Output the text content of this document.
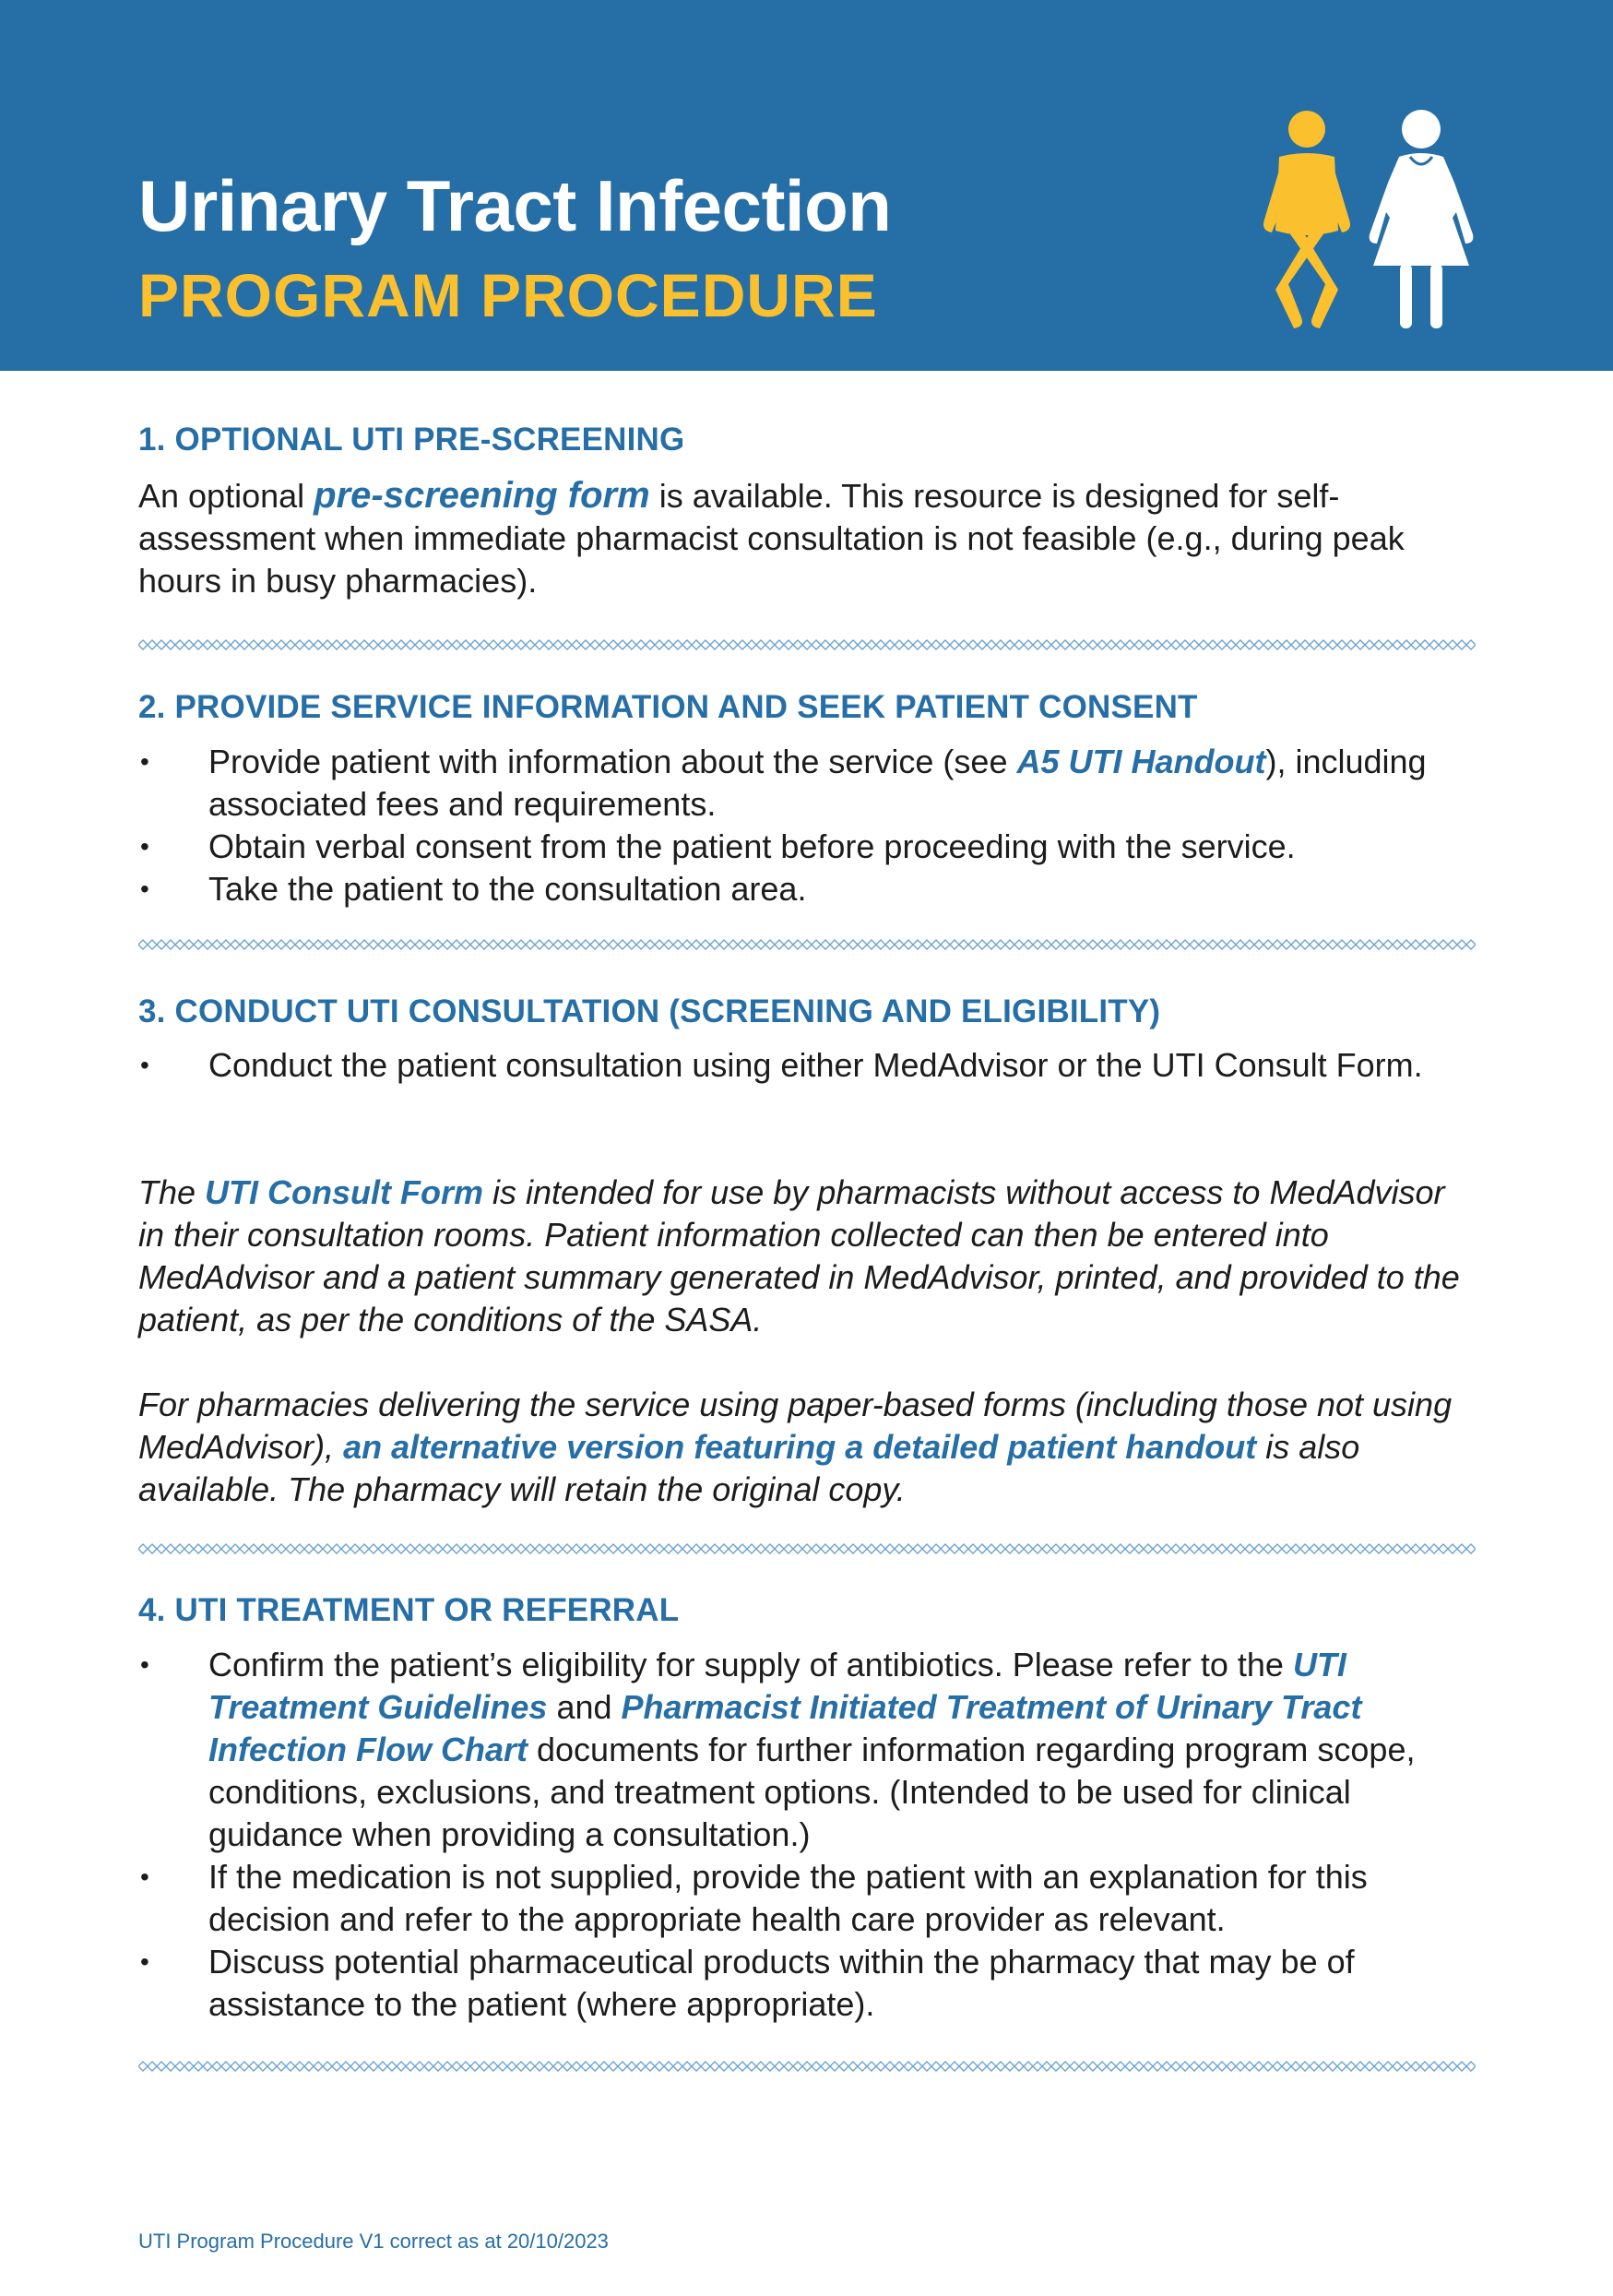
Urinary Tract Infection
PROGRAM PROCEDURE
1. OPTIONAL UTI PRE-SCREENING
An optional pre-screening form is available. This resource is designed for self-assessment when immediate pharmacist consultation is not feasible (e.g., during peak hours in busy pharmacies).
2. PROVIDE SERVICE INFORMATION AND SEEK PATIENT CONSENT
• Provide patient with information about the service (see A5 UTI Handout), including associated fees and requirements.
• Obtain verbal consent from the patient before proceeding with the service.
• Take the patient to the consultation area.
3. CONDUCT UTI CONSULTATION (SCREENING AND ELIGIBILITY)
• Conduct the patient consultation using either MedAdvisor or the UTI Consult Form.
The UTI Consult Form is intended for use by pharmacists without access to MedAdvisor in their consultation rooms. Patient information collected can then be entered into MedAdvisor and a patient summary generated in MedAdvisor, printed, and provided to the patient, as per the conditions of the SASA.
For pharmacies delivering the service using paper-based forms (including those not using MedAdvisor), an alternative version featuring a detailed patient handout is also available. The pharmacy will retain the original copy.
4. UTI TREATMENT OR REFERRAL
• Confirm the patient’s eligibility for supply of antibiotics. Please refer to the UTI Treatment Guidelines and Pharmacist Initiated Treatment of Urinary Tract Infection Flow Chart documents for further information regarding program scope, conditions, exclusions, and treatment options. (Intended to be used for clinical guidance when providing a consultation.)
• If the medication is not supplied, provide the patient with an explanation for this decision and refer to the appropriate health care provider as relevant.
• Discuss potential pharmaceutical products within the pharmacy that may be of assistance to the patient (where appropriate).
UTI Program Procedure V1 correct as at 20/10/2023
